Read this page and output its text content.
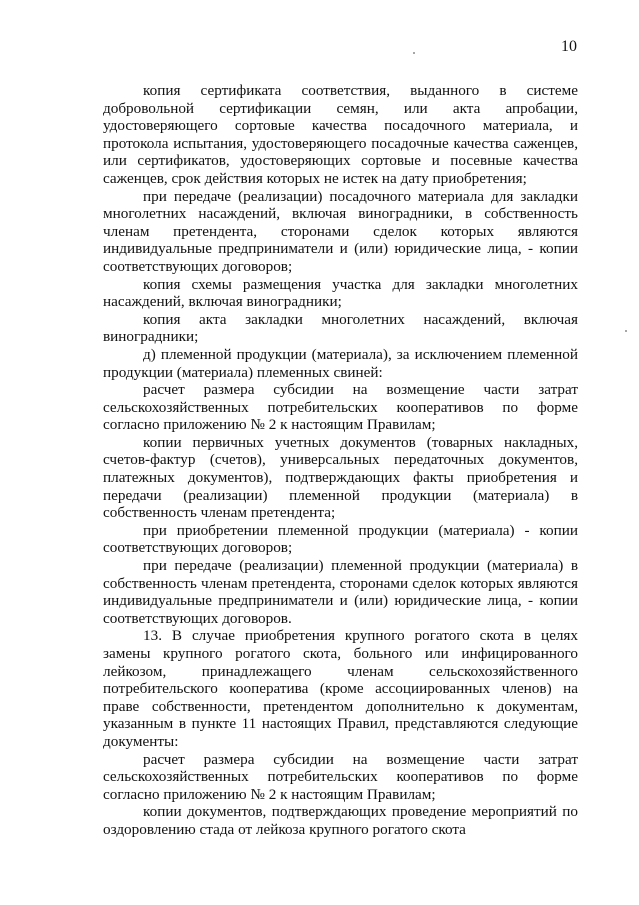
10

копия сертификата соответствия, выданного в системе добровольной сертификации семян, или акта апробации, удостоверяющего сортовые качества посадочного материала, и протокола испытания, удостоверяющего посадочные качества саженцев, или сертификатов, удостоверяющих сортовые и посевные качества саженцев, срок действия которых не истек на дату приобретения;

при передаче (реализации) посадочного материала для закладки многолетних насаждений, включая виноградники, в собственность членам претендента, сторонами сделок которых являются индивидуальные предприниматели и (или) юридические лица, - копии соответствующих договоров;

копия схемы размещения участка для закладки многолетних насаждений, включая виноградники;

копия акта закладки многолетних насаждений, включая виноградники;

д) племенной продукции (материала), за исключением племенной продукции (материала) племенных свиней:

расчет размера субсидии на возмещение части затрат сельскохозяйственных потребительских кооперативов по форме согласно приложению № 2 к настоящим Правилам;

копии первичных учетных документов (товарных накладных, счетов-фактур (счетов), универсальных передаточных документов, платежных документов), подтверждающих факты приобретения и передачи (реализации) племенной продукции (материала) в собственность членам претендента;

при приобретении племенной продукции (материала) - копии соответствующих договоров;

при передаче (реализации) племенной продукции (материала) в собственность членам претендента, сторонами сделок которых являются индивидуальные предприниматели и (или) юридические лица, - копии соответствующих договоров.

13. В случае приобретения крупного рогатого скота в целях замены крупного рогатого скота, больного или инфицированного лейкозом, принадлежащего членам сельскохозяйственного потребительского кооператива (кроме ассоциированных членов) на праве собственности, претендентом дополнительно к документам, указанным в пункте 11 настоящих Правил, представляются следующие документы:

расчет размера субсидии на возмещение части затрат сельскохозяйственных потребительских кооперативов по форме согласно приложению № 2 к настоящим Правилам;

копии документов, подтверждающих проведение мероприятий по оздоровлению стада от лейкоза крупного рогатого скота
